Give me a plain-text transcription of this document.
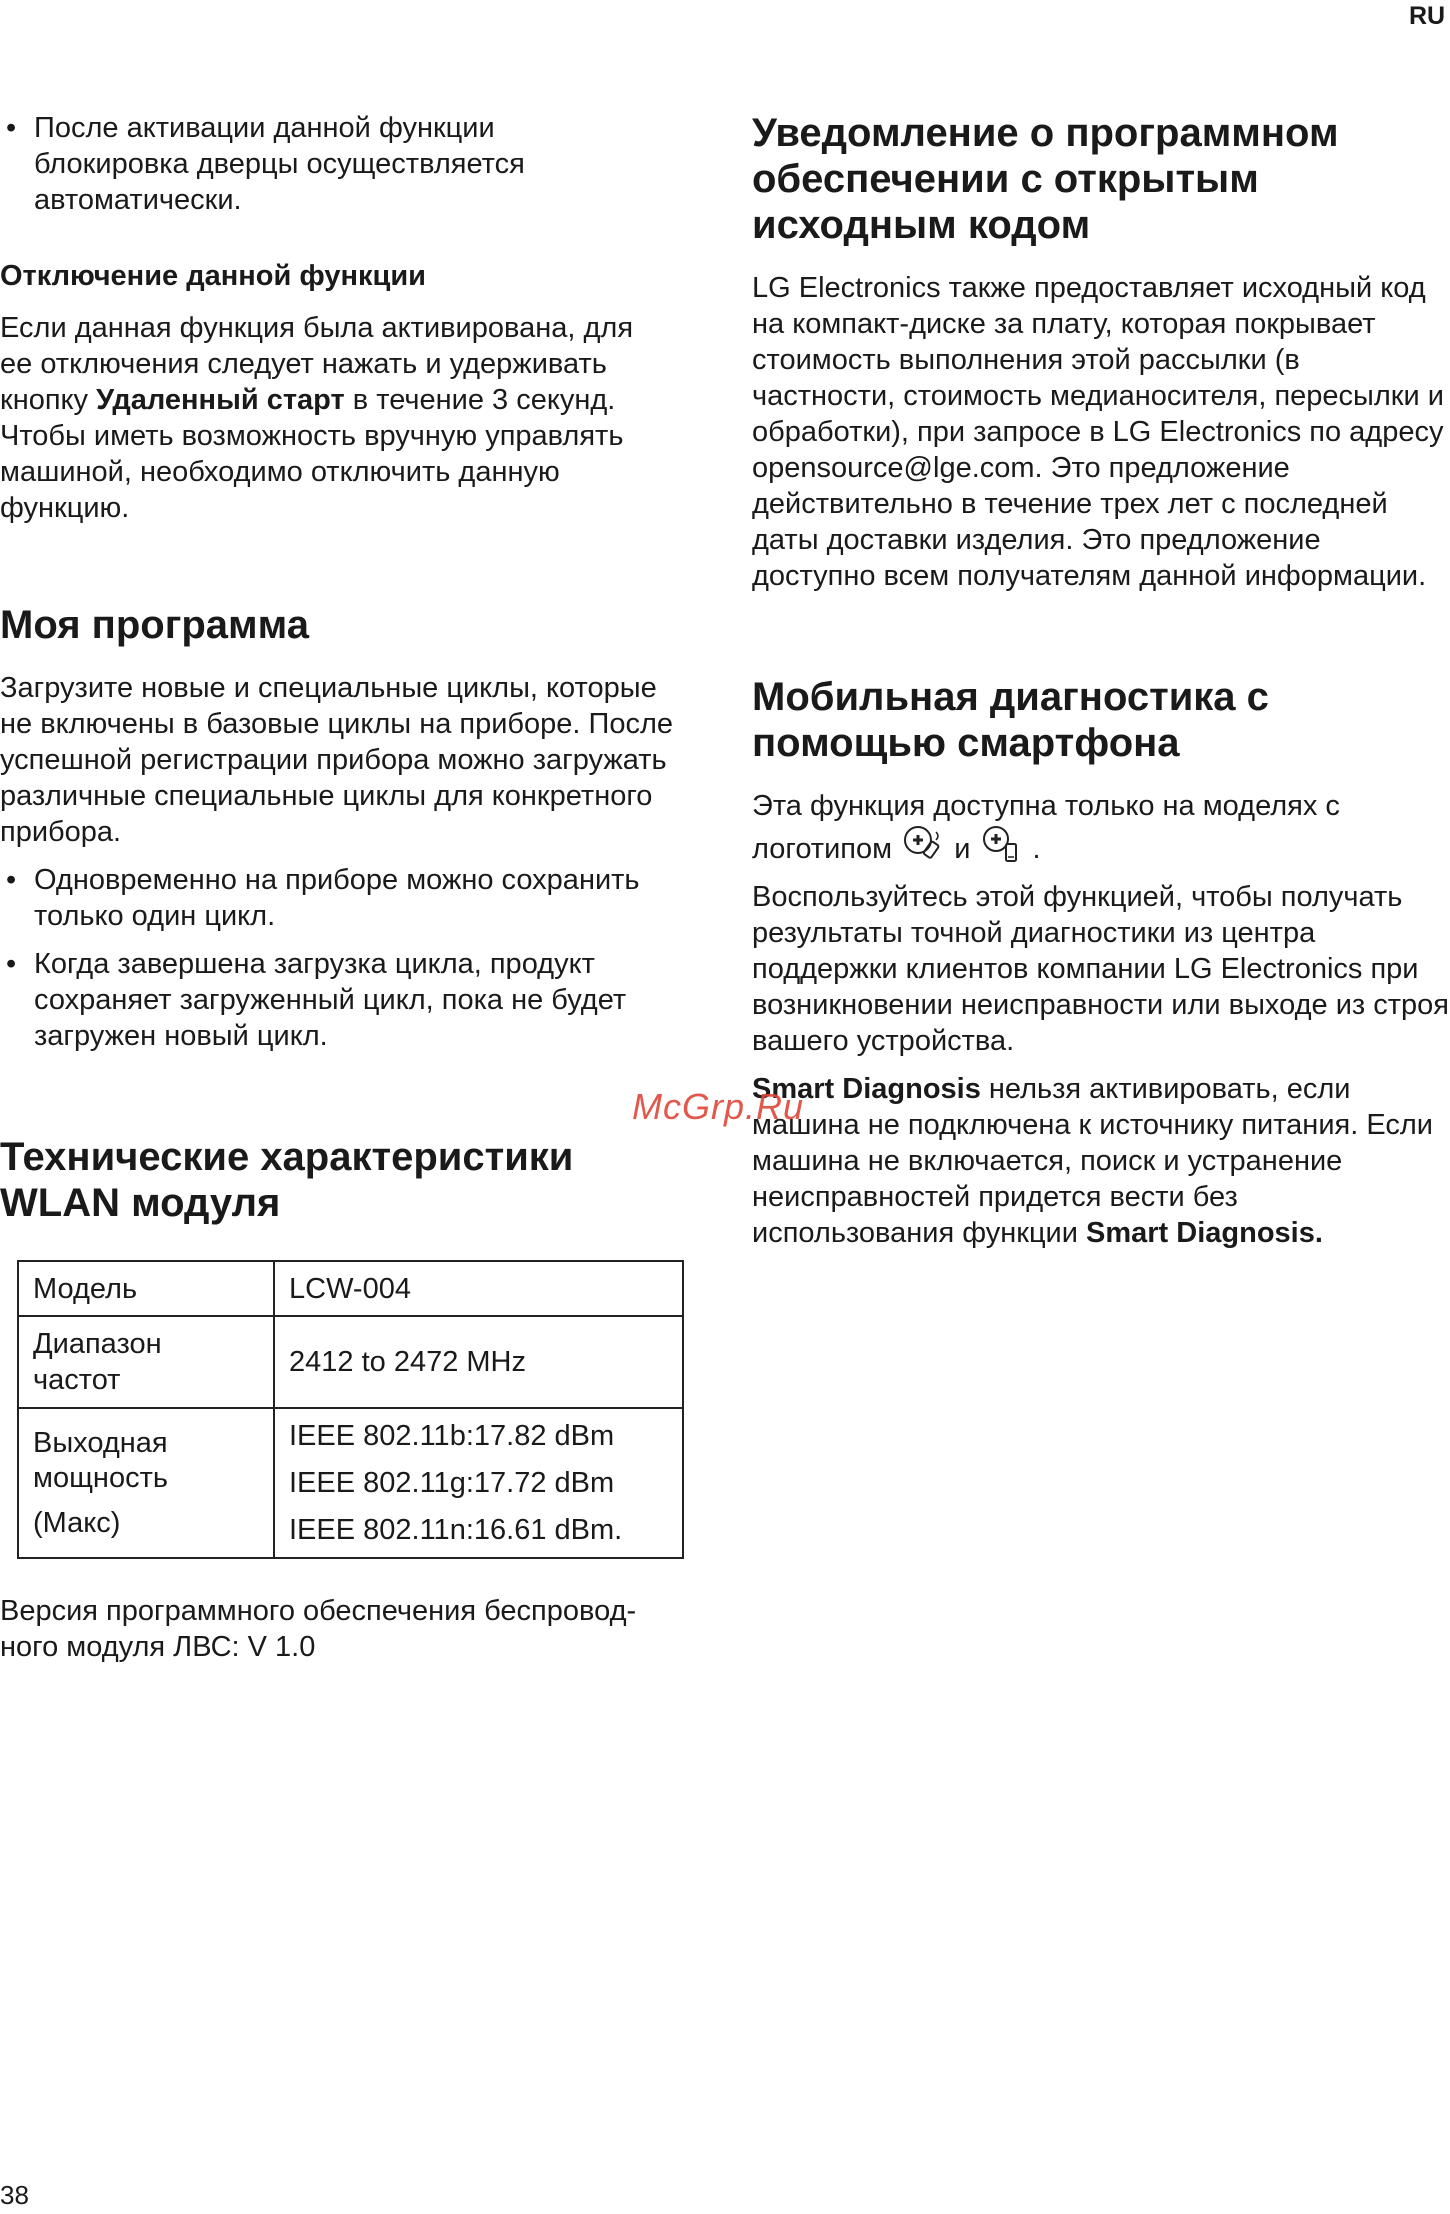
RU

• После активации данной функции блокировка дверцы осуществляется автоматически.

Отключение данной функции

Если данная функция была активирована, для ее отключения следует нажать и удерживать кнопку Удаленный старт в течение 3 секунд. Чтобы иметь возможность вручную управлять машиной, необходимо отключить данную функцию.

Моя программа

Загрузите новые и специальные циклы, которые не включены в базовые циклы на приборе. После успешной регистрации прибора можно загружать различные специальные циклы для конкретного прибора.

• Одновременно на приборе можно сохранить только один цикл.

• Когда завершена загрузка цикла, продукт сохраняет загруженный цикл, пока не будет загружен новый цикл.

Технические характеристики
WLAN модуля
Модель	LCW-004
Диапазон
частот	2412 to 2472 MHz
Выходная
мощность
(Макс)	IEEE 802.11b:17.82 dBm
IEEE 802.11g:17.72 dBm
IEEE 802.11n:16.61 dBm.

Версия программного обеспечения беспровод-
ного модуля ЛВС: V 1.0

Уведомление о программном
обеспечении с открытым
исходным кодом

LG Electronics также предоставляет исходный код на компакт-диске за плату, которая покрывает стоимость выполнения этой рассылки (в частности, стоимость медианосителя, пересылки и обработки), при запросе в LG Electronics по адресу opensource@lge.com. Это предложение действительно в течение трех лет с последней даты доставки изделия. Это предложение доступно всем получателям данной информации.

Мобильная диагностика с
помощью смартфона

Эта функция доступна только на моделях с
логотипом и .

Воспользуйтесь этой функцией, чтобы получать результаты точной диагностики из центра поддержки клиентов компании LG Electronics при возникновении неисправности или выходе из строя вашего устройства.

Smart Diagnosis нельзя активировать, если машина не подключена к источнику питания. Если машина не включается, поиск и устранение неисправностей придется вести без использования функции Smart Diagnosis.

McGrp.Ru
38
